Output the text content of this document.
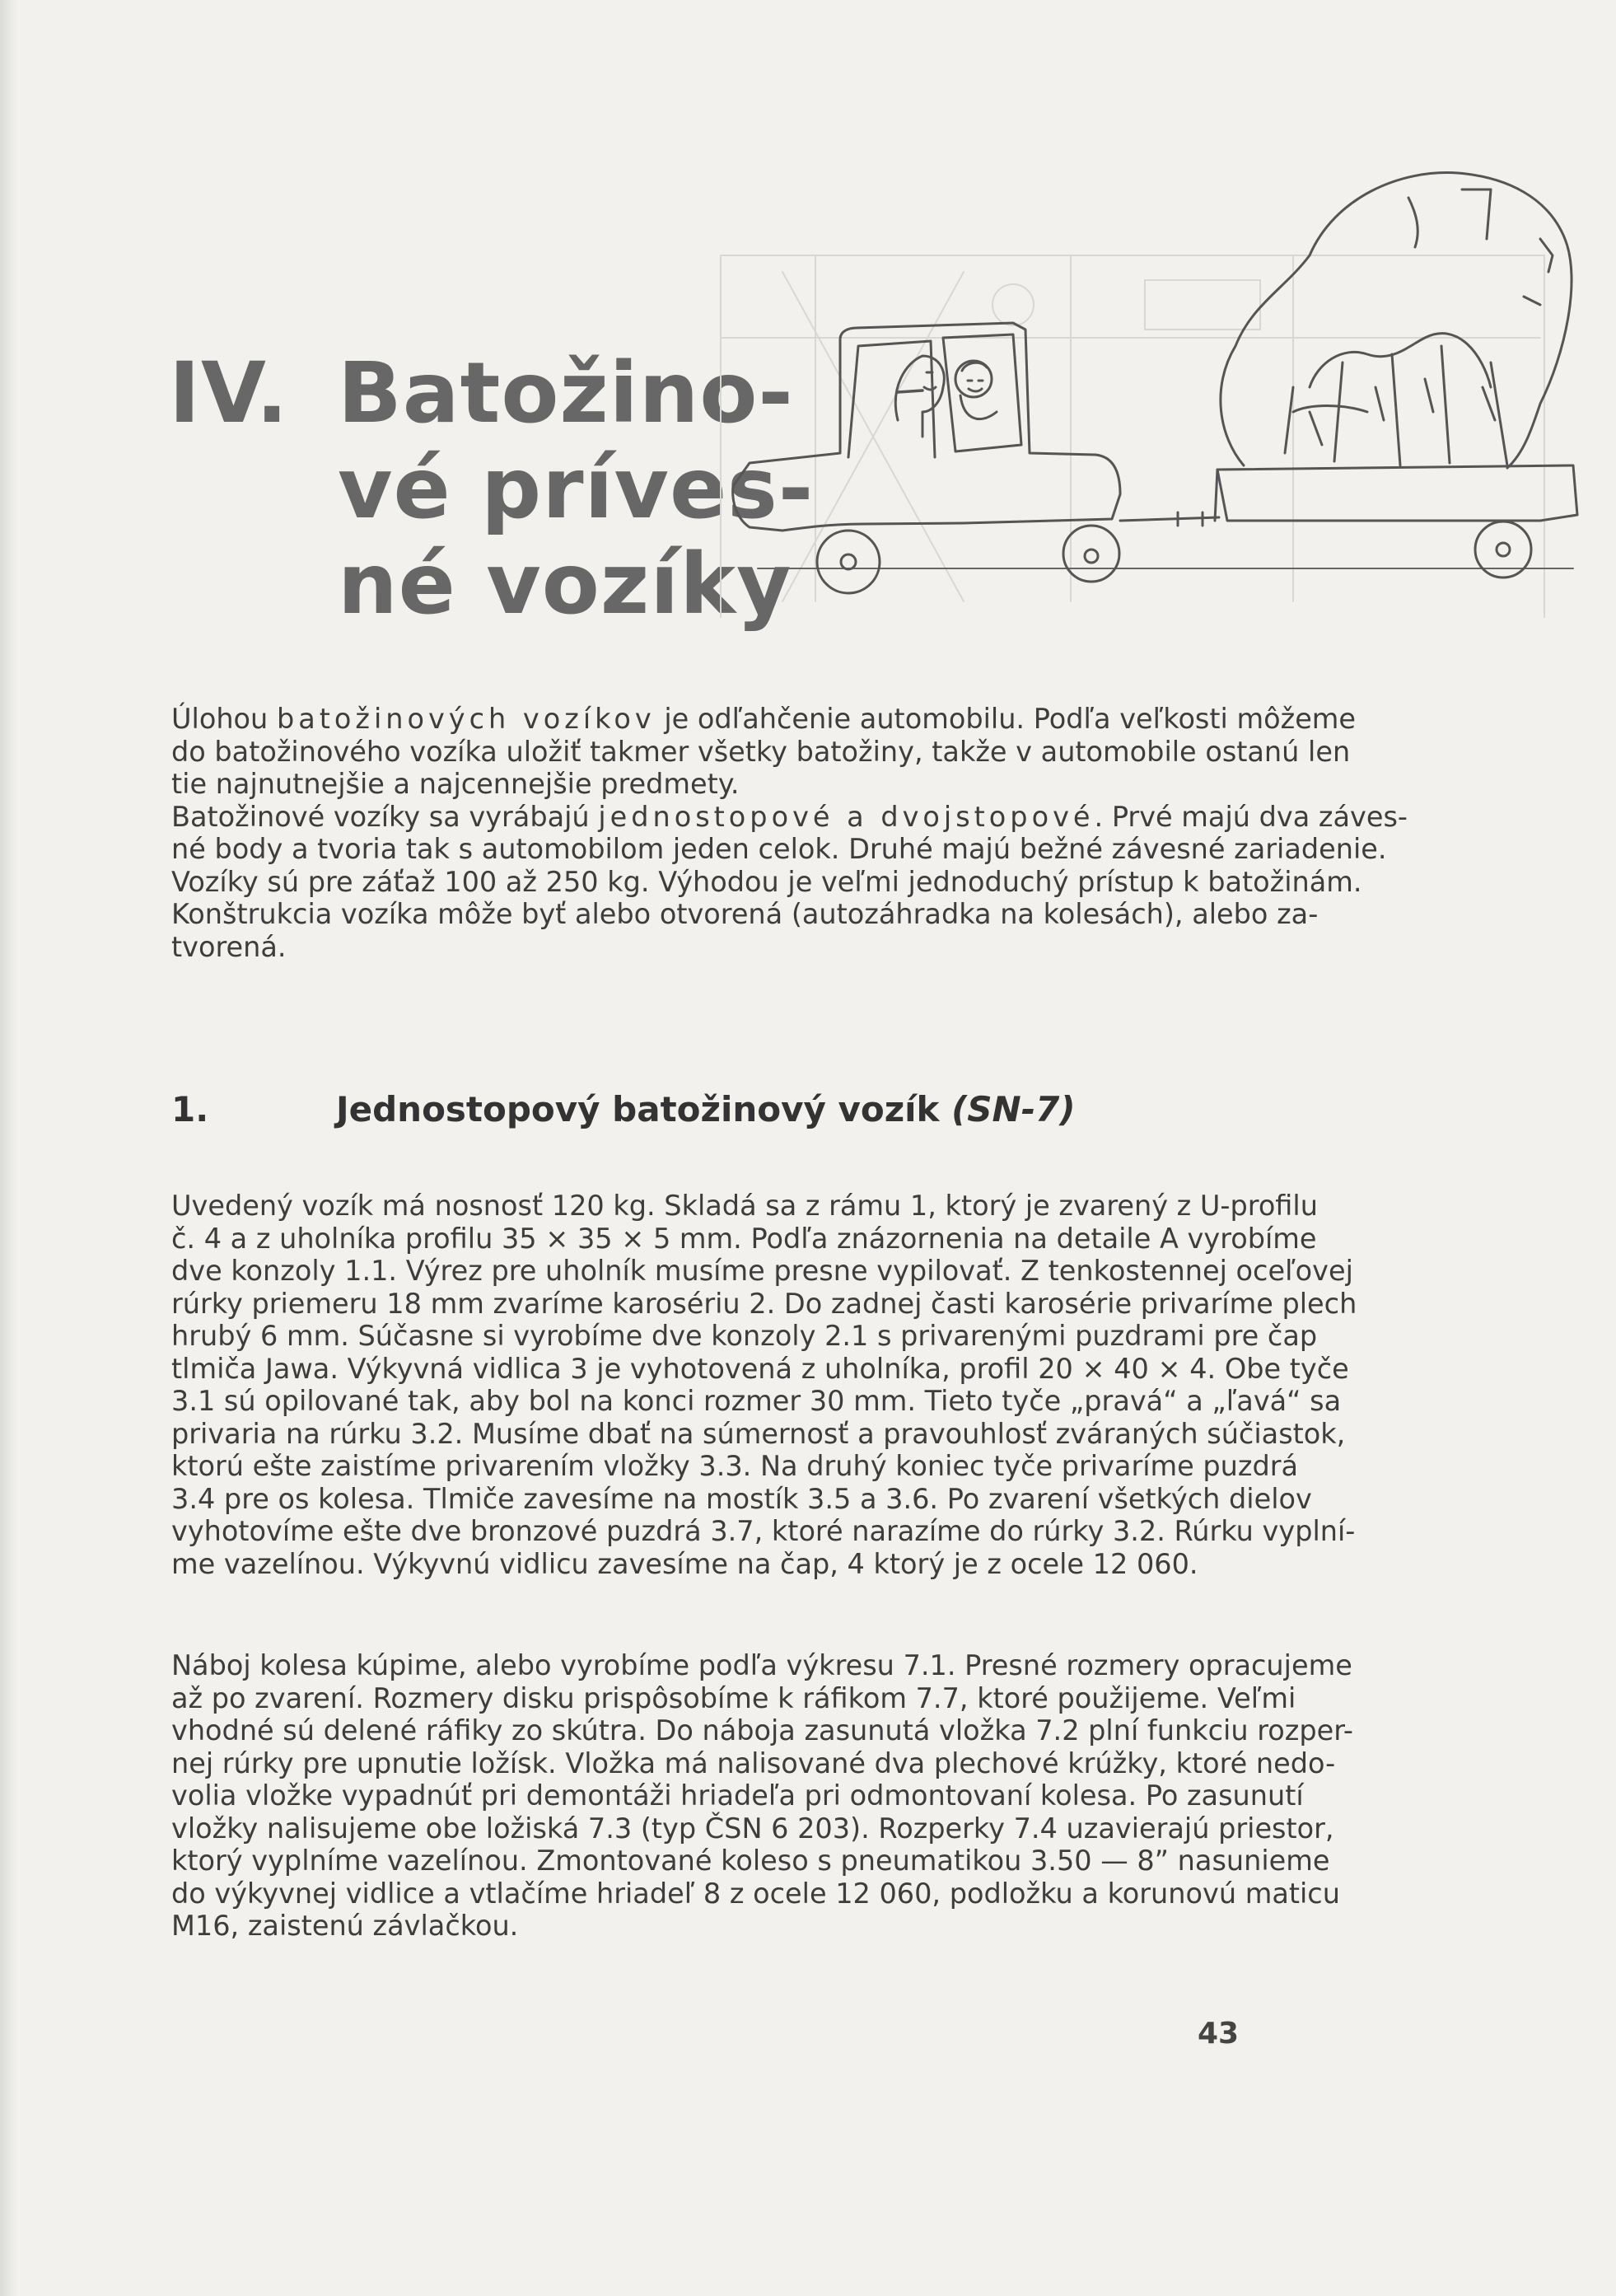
IV. Batožino-
vé príves-
né vozíky

Úlohou batožinových vozíkov je odľahčenie automobilu. Podľa veľkosti môžeme

do batožinového vozíka uložiť takmer všetky batožiny, takže v automobile ostanú len

tie najnutnejšie a najcennejšie predmety.

Batožinové vozíky sa vyrábajú jednostopové a dvojstopové. Prvé majú dva záves-

né body a tvoria tak s automobilom jeden celok. Druhé majú bežné závesné zariadenie.

Vozíky sú pre záťaž 100 až 250 kg. Výhodou je veľmi jednoduchý prístup k batožinám.

Konštrukcia vozíka môže byť alebo otvorená (autozáhradka na kolesách), alebo za-

tvorená.

1.	Jednostopový batožinový vozík (SN-7)

Uvedený vozík má nosnosť 120 kg. Skladá sa z rámu 1, ktorý je zvarený z U-profilu

č. 4 a z uholníka profilu 35 × 35 × 5 mm. Podľa znázornenia na detaile A vyrobíme

dve konzoly 1.1. Výrez pre uholník musíme presne vypilovať. Z tenkostennej oceľovej

rúrky priemeru 18 mm zvaríme karosériu 2. Do zadnej časti karosérie privaríme plech

hrubý 6 mm. Súčasne si vyrobíme dve konzoly 2.1 s privarenými puzdrami pre čap

tlmiča Jawa. Výkyvná vidlica 3 je vyhotovená z uholníka, profil 20 × 40 × 4. Obe tyče

3.1 sú opilované tak, aby bol na konci rozmer 30 mm. Tieto tyče „pravá“ a „ľavá“ sa

privaria na rúrku 3.2. Musíme dbať na súmernosť a pravouhlosť zváraných súčiastok,

ktorú ešte zaistíme privarením vložky 3.3. Na druhý koniec tyče privaríme puzdrá

3.4 pre os kolesa. Tlmiče zavesíme na mostík 3.5 a 3.6. Po zvarení všetkých dielov

vyhotovíme ešte dve bronzové puzdrá 3.7, ktoré narazíme do rúrky 3.2. Rúrku vyplní-

me vazelínou. Výkyvnú vidlicu zavesíme na čap, 4 ktorý je z ocele 12 060.

Náboj kolesa kúpime, alebo vyrobíme podľa výkresu 7.1. Presné rozmery opracujeme

až po zvarení. Rozmery disku prispôsobíme k ráfikom 7.7, ktoré použijeme. Veľmi

vhodné sú delené ráfiky zo skútra. Do náboja zasunutá vložka 7.2 plní funkciu rozper-

nej rúrky pre upnutie ložísk. Vložka má nalisované dva plechové krúžky, ktoré nedo-

volia vložke vypadnúť pri demontáži hriadeľa pri odmontovaní kolesa. Po zasunutí

vložky nalisujeme obe ložiská 7.3 (typ ČSN 6 203). Rozperky 7.4 uzavierajú priestor,

ktorý vyplníme vazelínou. Zmontované koleso s pneumatikou 3.50 — 8” nasunieme

do výkyvnej vidlice a vtlačíme hriadeľ 8 z ocele 12 060, podložku a korunovú maticu

M16, zaistenú závlačkou.

43
